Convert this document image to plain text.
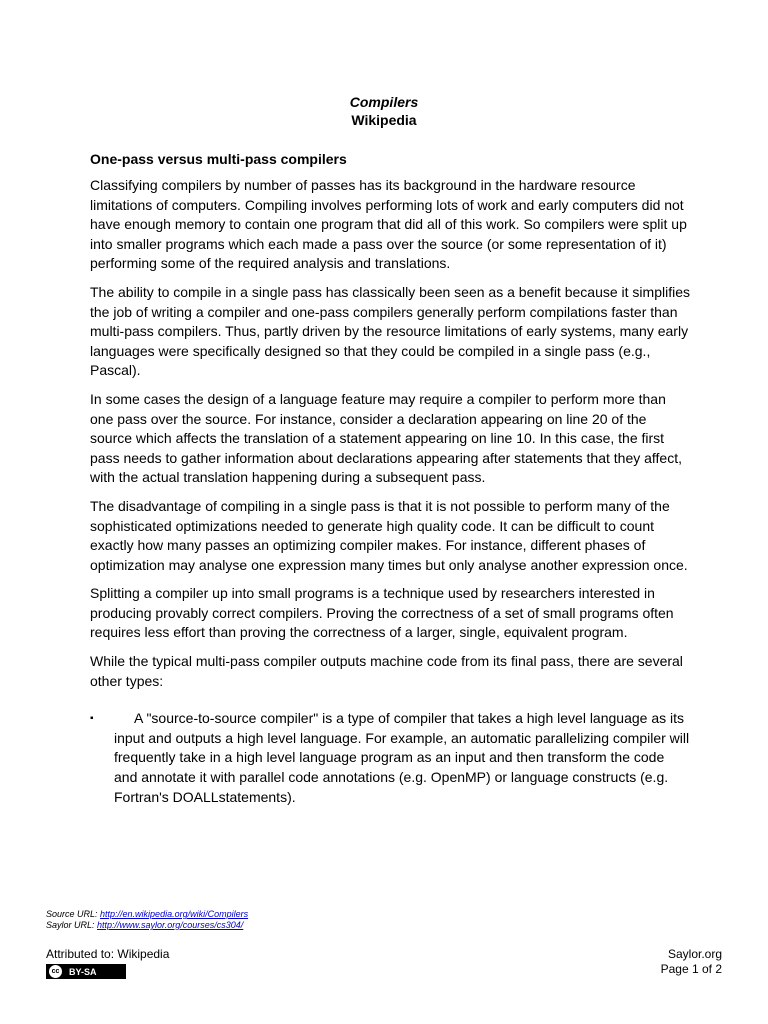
Compilers
Wikipedia
One-pass versus multi-pass compilers

Classifying compilers by number of passes has its background in the hardware resource limitations of computers. Compiling involves performing lots of work and early computers did not have enough memory to contain one program that did all of this work. So compilers were split up into smaller programs which each made a pass over the source (or some representation of it) performing some of the required analysis and translations.

The ability to compile in a single pass has classically been seen as a benefit because it simplifies the job of writing a compiler and one-pass compilers generally perform compilations faster than multi-pass compilers. Thus, partly driven by the resource limitations of early systems, many early languages were specifically designed so that they could be compiled in a single pass (e.g., Pascal).

In some cases the design of a language feature may require a compiler to perform more than one pass over the source. For instance, consider a declaration appearing on line 20 of the source which affects the translation of a statement appearing on line 10. In this case, the first pass needs to gather information about declarations appearing after statements that they affect, with the actual translation happening during a subsequent pass.

The disadvantage of compiling in a single pass is that it is not possible to perform many of the sophisticated optimizations needed to generate high quality code. It can be difficult to count exactly how many passes an optimizing compiler makes. For instance, different phases of optimization may analyse one expression many times but only analyse another expression once.

Splitting a compiler up into small programs is a technique used by researchers interested in producing provably correct compilers. Proving the correctness of a set of small programs often requires less effort than proving the correctness of a larger, single, equivalent program.

While the typical multi-pass compiler outputs machine code from its final pass, there are several other types:

▪	A "source-to-source compiler" is a type of compiler that takes a high level language as its input and outputs a high level language. For example, an automatic parallelizing compiler will frequently take in a high level language program as an input and then transform the code and annotate it with parallel code annotations (e.g. OpenMP) or language constructs (e.g. Fortran's DOALLstatements).
Source URL: http://en.wikipedia.org/wiki/Compilers
Saylor URL: http://www.saylor.org/courses/cs304/
Attributed to: Wikipedia
cc	BY-SA
Saylor.org
Page 1 of 2
